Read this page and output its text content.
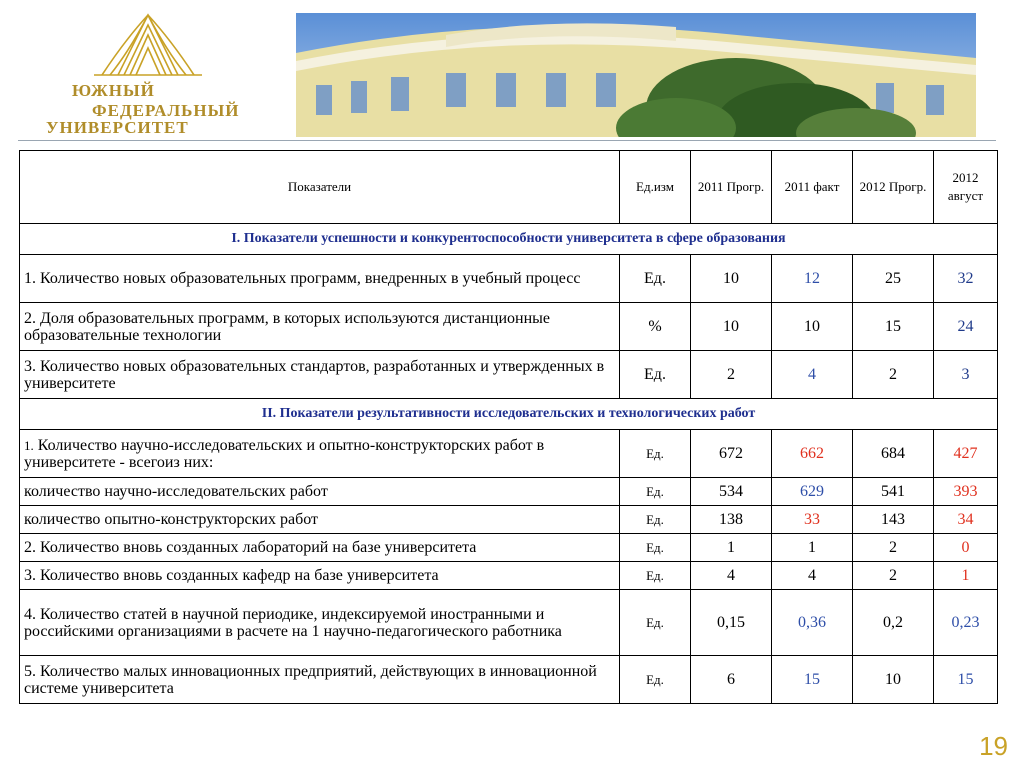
ЮЖНЫЙ
ФЕДЕРАЛЬНЫЙ
УНИВЕРСИТЕТ
Показатели	Ед.изм	2011 Прогр.	2011 факт	2012 Прогр.	2012 август
I. Показатели успешности и конкурентоспособности университета в сфере образования					
1. Количество новых образовательных программ, внедренных в учебный процесс	Ед.	10	12	25	32
2. Доля образовательных программ, в которых используются дистанционные образовательные технологии	%	10	10	15	24
3. Количество новых образовательных стандартов, разработанных и утвержденных в университете	Ед.	2	4	2	3
II. Показатели результативности исследовательских и технологических работ					
1. Количество научно-исследовательских и опытно-конструкторских работ в университете - всегоиз них:	Ед.	672	662	684	427
количество научно-исследовательских работ	Ед.	534	629	541	393
количество опытно-конструкторских работ	Ед.	138	33	143	34
2. Количество вновь созданных лабораторий на базе университета	Ед.	1	1	2	0
3. Количество вновь созданных кафедр на базе университета	Ед.	4	4	2	1
4. Количество статей в научной периодике, индексируемой иностранными и российскими организациями в расчете на 1 научно-педагогического работника	Ед.	0,15	0,36	0,2	0,23
5. Количество малых инновационных предприятий, действующих в инновационной системе университета	Ед.	6	15	10	15
19
